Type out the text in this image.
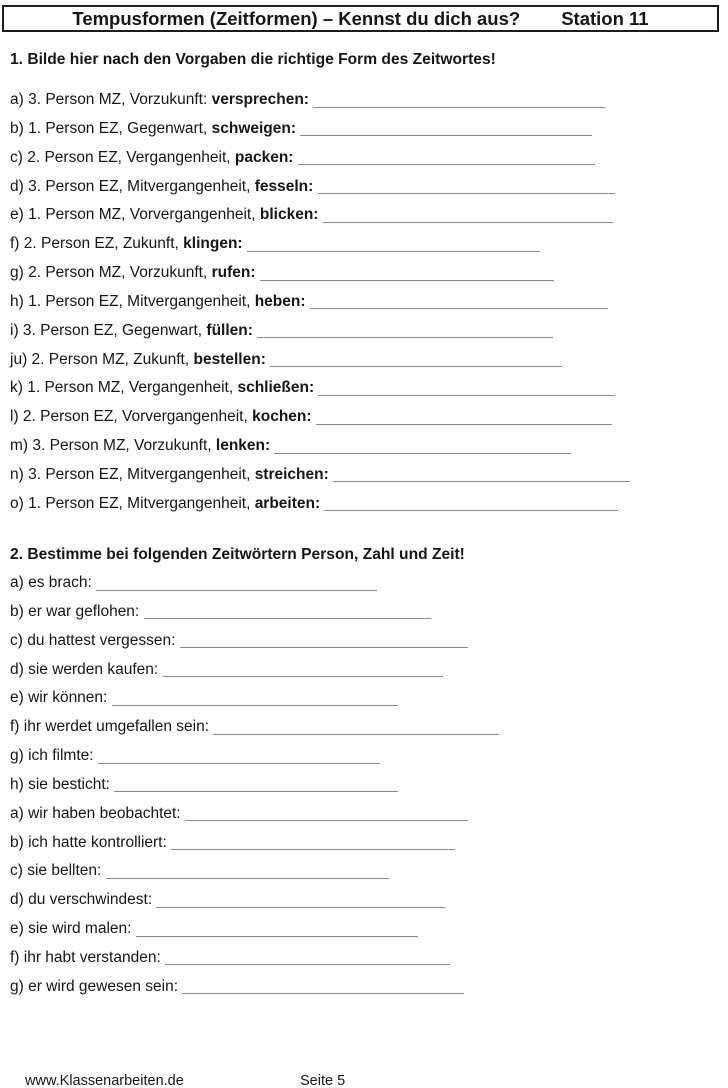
Tempusformen (Zeitformen) – Kennst du dich aus? Station 11
1. Bilde hier nach den Vorgaben die richtige Form des Zeitwortes!
a) 3. Person MZ, Vorzukunft: versprechen:
b) 1. Person EZ, Gegenwart, schweigen:
c) 2. Person EZ, Vergangenheit, packen:
d) 3. Person EZ, Mitvergangenheit, fesseln:
e) 1. Person MZ, Vorvergangenheit, blicken:
f) 2. Person EZ, Zukunft, klingen:
g) 2. Person MZ, Vorzukunft, rufen:
h) 1. Person EZ, Mitvergangenheit, heben:
i) 3. Person EZ, Gegenwart, füllen:
ju) 2. Person MZ, Zukunft, bestellen:
k) 1. Person MZ, Vergangenheit, schließen:
l) 2. Person EZ, Vorvergangenheit, kochen:
m) 3. Person MZ, Vorzukunft, lenken:
n) 3. Person EZ, Mitvergangenheit, streichen:
o) 1. Person EZ, Mitvergangenheit, arbeiten:
2. Bestimme bei folgenden Zeitwörtern Person, Zahl und Zeit!
a) es brach:
b) er war geflohen:
c) du hattest vergessen:
d) sie werden kaufen:
e) wir können:
f) ihr werdet umgefallen sein:
g) ich filmte:
h) sie besticht:
a) wir haben beobachtet:
b) ich hatte kontrolliert:
c) sie bellten:
d) du verschwindest:
e) sie wird malen:
f) ihr habt verstanden:
g) er wird gewesen sein:
www.Klassenarbeiten.de	Seite 5
